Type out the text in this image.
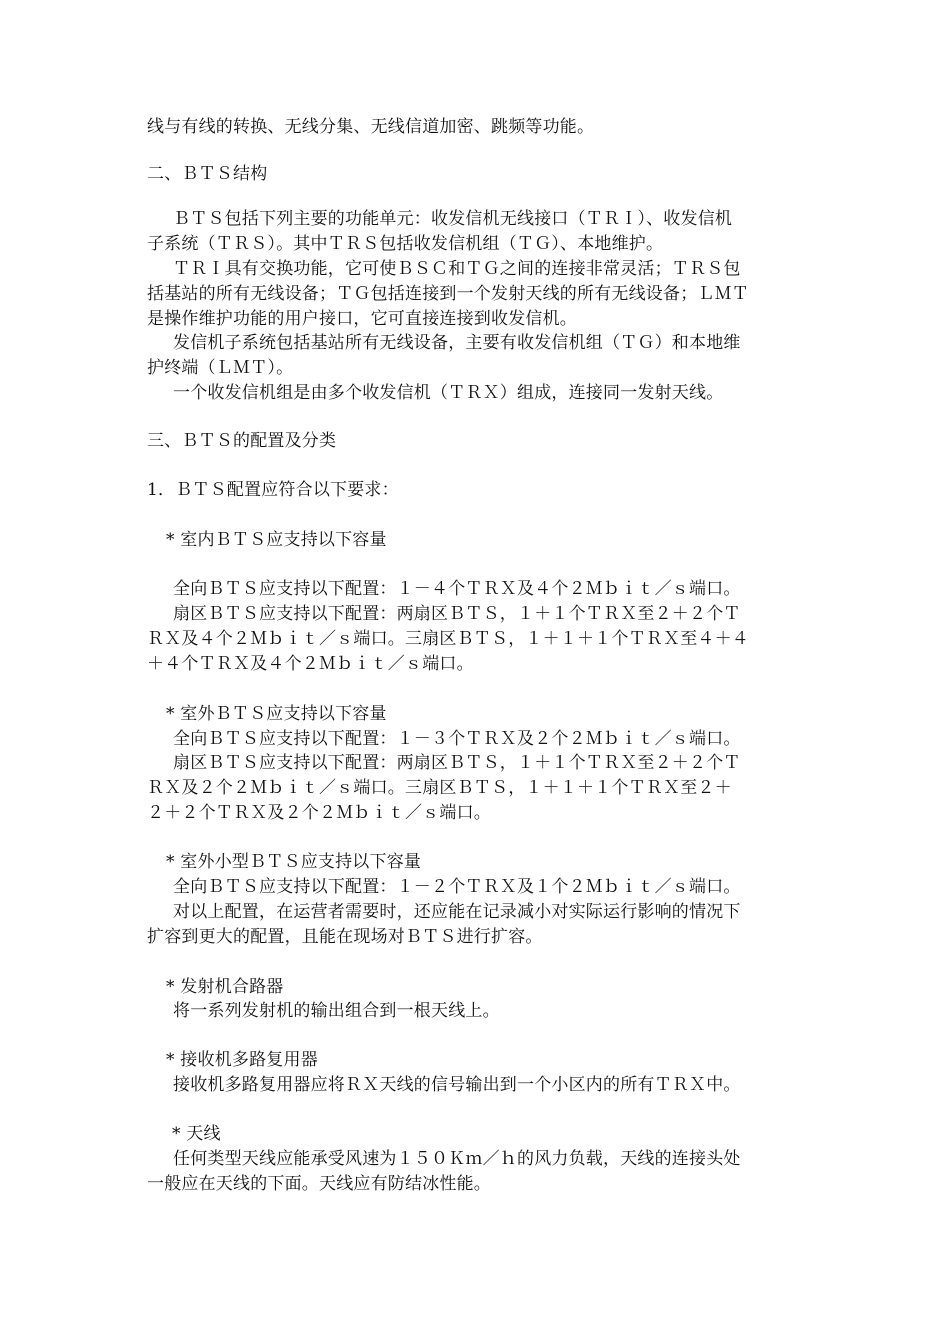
线与有线的转换、无线分集、无线信道加密、跳频等功能。
二、ＢＴＳ结构
ＢＴＳ包括下列主要的功能单元：收发信机无线接口（ＴＲＩ）、收发信机
子系统（ＴＲＳ）。其中ＴＲＳ包括收发信机组（ＴＧ）、本地维护。
ＴＲＩ具有交换功能，它可使ＢＳＣ和ＴＧ之间的连接非常灵活；ＴＲＳ包
括基站的所有无线设备；ＴＧ包括连接到一个发射天线的所有无线设备；ＬＭＴ
是操作维护功能的用户接口，它可直接连接到收发信机。
发信机子系统包括基站所有无线设备，主要有收发信机组（ＴＧ）和本地维
护终端（ＬＭＴ）。
一个收发信机组是由多个收发信机（ＴＲＸ）组成，连接同一发射天线。
三、ＢＴＳ的配置及分类
1．ＢＴＳ配置应符合以下要求：
* 室内ＢＴＳ应支持以下容量
全向ＢＴＳ应支持以下配置：１－４个ＴＲＸ及４个２Ｍｂｉｔ／ｓ端口。
扇区ＢＴＳ应支持以下配置：两扇区ＢＴＳ，１＋１个ＴＲＸ至２＋２个Ｔ
ＲＸ及４个２Ｍｂｉｔ／ｓ端口。三扇区ＢＴＳ，１＋１＋１个ＴＲＸ至４＋４
＋４个ＴＲＸ及４个２Ｍｂｉｔ／ｓ端口。
* 室外ＢＴＳ应支持以下容量
全向ＢＴＳ应支持以下配置：１－３个ＴＲＸ及２个２Ｍｂｉｔ／ｓ端口。
扇区ＢＴＳ应支持以下配置：两扇区ＢＴＳ，１＋１个ＴＲＸ至２＋２个Ｔ
ＲＸ及２个２Ｍｂｉｔ／ｓ端口。三扇区ＢＴＳ，１＋１＋１个ＴＲＸ至２＋
２＋２个ＴＲＸ及２个２Ｍｂｉｔ／ｓ端口。
* 室外小型ＢＴＳ应支持以下容量
全向ＢＴＳ应支持以下配置：１－２个ＴＲＸ及１个２Ｍｂｉｔ／ｓ端口。
对以上配置，在运营者需要时，还应能在记录减小对实际运行影响的情况下
扩容到更大的配置，且能在现场对ＢＴＳ进行扩容。
* 发射机合路器
将一系列发射机的输出组合到一根天线上。
* 接收机多路复用器
接收机多路复用器应将ＲＸ天线的信号输出到一个小区内的所有ＴＲＸ中。
* 天线
任何类型天线应能承受风速为１５０Ｋｍ／ｈ的风力负载，天线的连接头处
一般应在天线的下面。天线应有防结冰性能。
